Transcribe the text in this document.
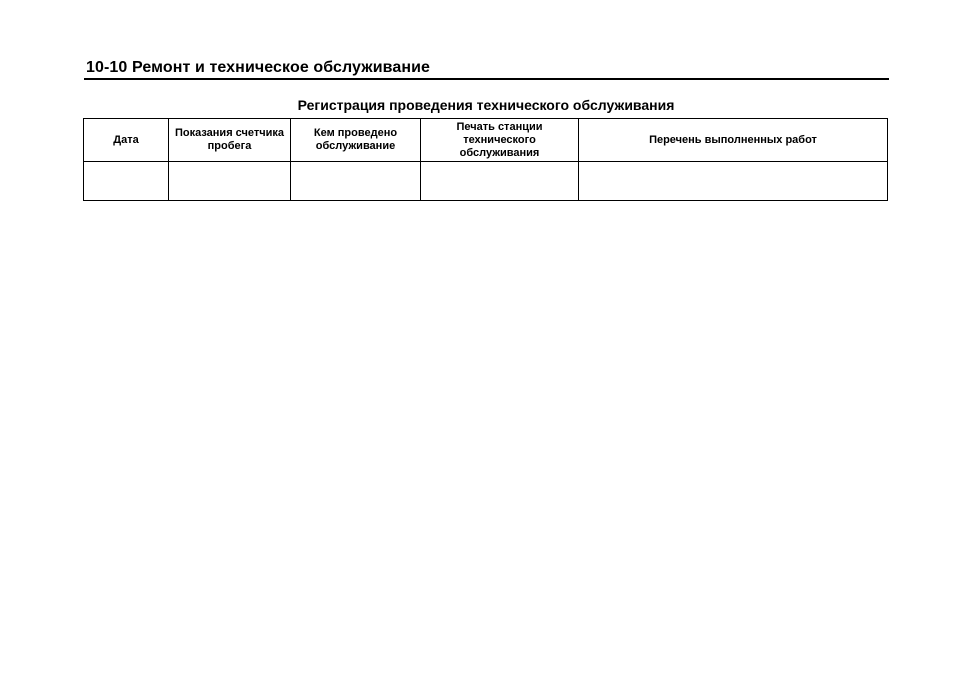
10-10 Ремонт и техническое обслуживание
Регистрация проведения технического обслуживания
Дата	Показания счетчика пробега	Кем проведено обслуживание	Печать станции технического обслуживания	Перечень выполненных работ
